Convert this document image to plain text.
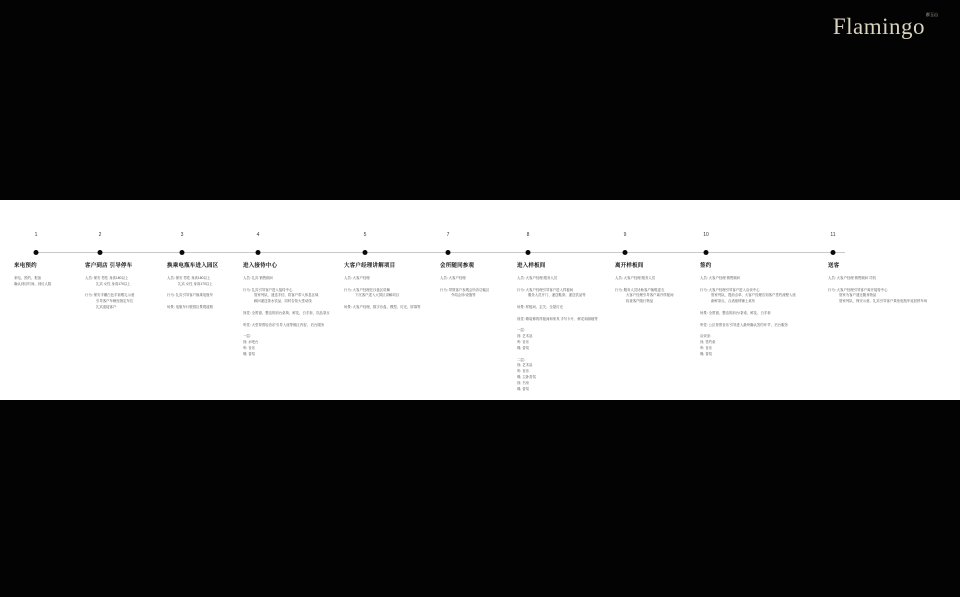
Flamingo$^{群玉山}$
1
来电预约
来电、预约、报备
确认到访时间、到访人数
2
客户到店 引导停车
人员: 保安 男性 身高180以上
礼宾 女性 身高170以上
行为: 保安手戴白色手套敬礼示意
引导客户车辆至指定车位
礼宾迎接客户
3
换乘电瓶车进入园区
人员: 保安 男性 身高180以上
礼宾 女性 身高170以上
行为: 礼宾引导客户换乘电瓶车
场景: 电瓶车行驶园区景观道路
4
进入接待中心
人员: 礼宾 销售顾问
行为: 礼宾引导客户进入接待中心
管家列队、递送手信、将客户带入休息区域
顾问递送茶水饮品、同时告知大堂动线
视觉: 全景窗、整洁的前台桌椅、鲜花、白手套、饮品茶点
听觉: 大堂背景轻音乐'引导入座等候区内容'，后台服务
一层:
视: 水吧台
听: 音乐
嗅: 香氛
5
大客户经理讲解项目
人员: 大客户经理
行为: 大客户经理在沙盘区讲解
下沉客户进入大屏区讲解项目
场景: 大客户经理、数字沙盘、模型、灯光、屏幕等
7
会所随同参观
人员: 大客户经理
行为: 带领客户参观会所各功能区
介绍会所/设施等
8
进入样板间
人员: 大客户经理 服务人员
行为: 大客户经理引导客户进入样板间
服务人员开门、递送鞋套、递送饮品等
场景: 样板间、玄关、全屋灯光
视觉: 精装修的样板间和家具 手写卡片、鲜花和绿植等
一层:
视: 艺术品
听: 音乐
嗅: 香氛
二层:
视: 艺术品
听: 音乐
嗅: 主卧香氛
视: 书房
嗅: 香氛
9
离开样板间
人员: 大客户经理 服务人员
行为: 服务人员协助客户换鞋更衣
大客户经理引导客户离开样板间
检查客户随行物品
10
签约
人员: 大客户经理 销售顾问
行为: 大客户经理引导客户进入洽谈中心
管家列队、提前点单、大客户经理告知客户签约流程入座
新鲜茶点、合适座椅铺上桌布
场景: 全景窗、整洁的前台/茶桌、鲜花、白手套
听觉: 公区背景音乐'引导进入最终确认签约环节'，后台服务
洽谈室:
视: 签约桌
听: 音乐
嗅: 香氛
11
送客
人员: 大客户经理 销售顾问 司机
行为: 大客户经理引导客户离开接待中心
管家为客户递还随身物品
管家列队、保安示意、礼宾引导客户乘坐电瓶车返回停车场
